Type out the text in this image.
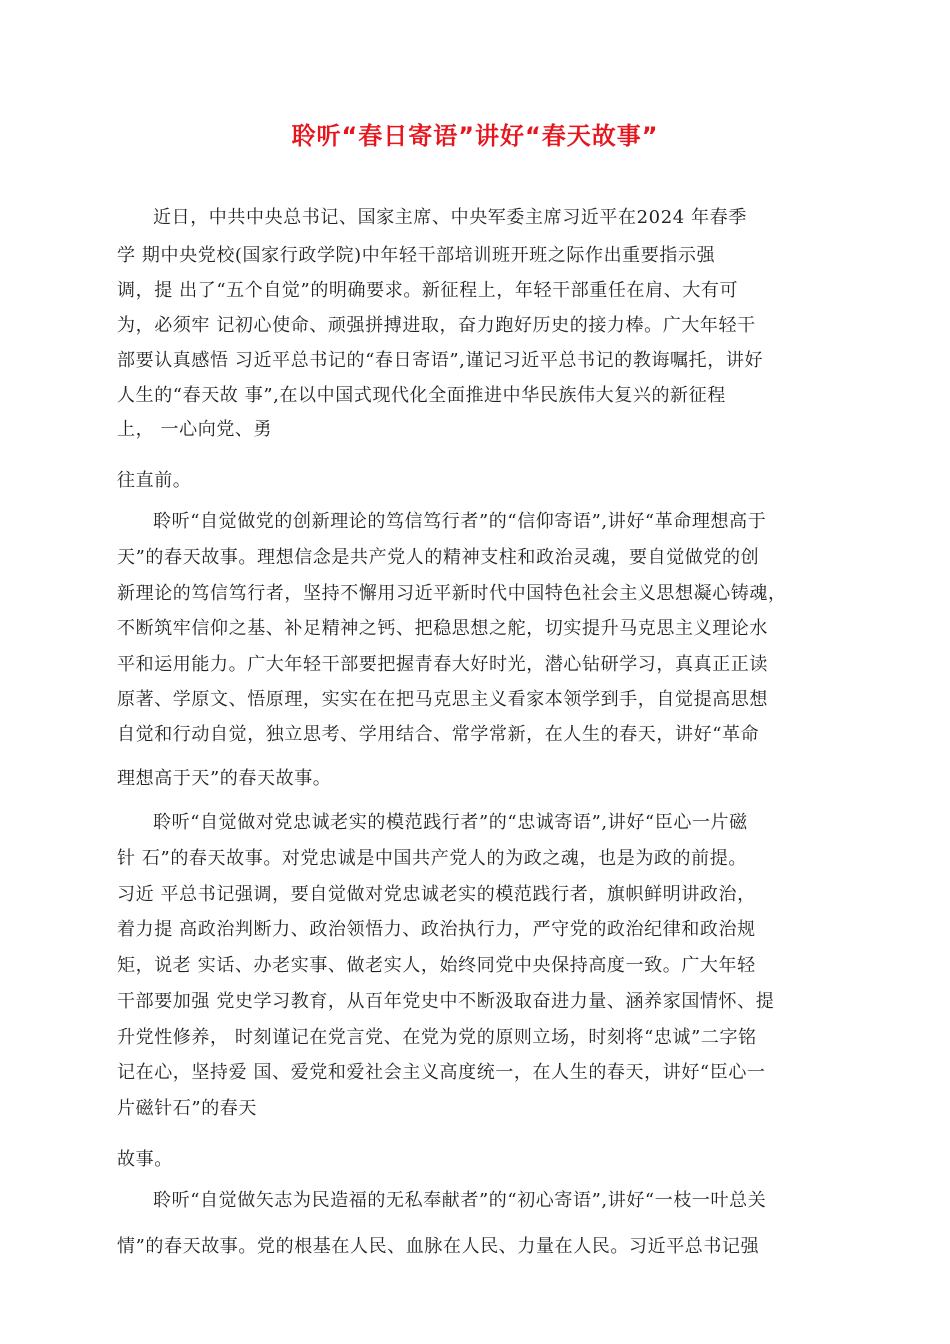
聆听“春日寄语”讲好“春天故事”
近日，中共中央总书记、国家主席、中央军委主席习近平在2024 年春季
学 期中央党校(国家行政学院)中年轻干部培训班开班之际作出重要指示强
调，提 出了“五个自觉”的明确要求。新征程上，年轻干部重任在肩、大有可
为，必须牢 记初心使命、顽强拼搏进取，奋力跑好历史的接力棒。广大年轻干
部要认真感悟 习近平总书记的“春日寄语”,谨记习近平总书记的教诲嘱托，讲好
人生的“春天故 事”,在以中国式现代化全面推进中华民族伟大复兴的新征程
上， 一心向党、勇
往直前。
聆听“自觉做党的创新理论的笃信笃行者”的“信仰寄语”,讲好“革命理想高于
天”的春天故事。理想信念是共产党人的精神支柱和政治灵魂，要自觉做党的创
新理论的笃信笃行者，坚持不懈用习近平新时代中国特色社会主义思想凝心铸魂，
不断筑牢信仰之基、补足精神之钙、把稳思想之舵，切实提升马克思主义理论水
平和运用能力。广大年轻干部要把握青春大好时光，潜心钻研学习，真真正正读
原著、学原文、悟原理，实实在在把马克思主义看家本领学到手，自觉提高思想
自觉和行动自觉，独立思考、学用结合、常学常新，在人生的春天，讲好“革命
理想高于天”的春天故事。
聆听“自觉做对党忠诚老实的模范践行者”的“忠诚寄语”,讲好“臣心一片磁
针 石”的春天故事。对党忠诚是中国共产党人的为政之魂，也是为政的前提。
习近 平总书记强调，要自觉做对党忠诚老实的模范践行者，旗帜鲜明讲政治，
着力提 高政治判断力、政治领悟力、政治执行力，严守党的政治纪律和政治规
矩，说老 实话、办老实事、做老实人，始终同党中央保持高度一致。广大年轻
干部要加强 党史学习教育，从百年党史中不断汲取奋进力量、涵养家国情怀、提
升党性修养， 时刻谨记在党言党、在党为党的原则立场，时刻将“忠诚”二字铭
记在心，坚持爱 国、爱党和爱社会主义高度统一，在人生的春天，讲好“臣心一
片磁针石”的春天
故事。
聆听“自觉做矢志为民造福的无私奉献者”的“初心寄语”,讲好“一枝一叶总关
情”的春天故事。党的根基在人民、血脉在人民、力量在人民。习近平总书记强
